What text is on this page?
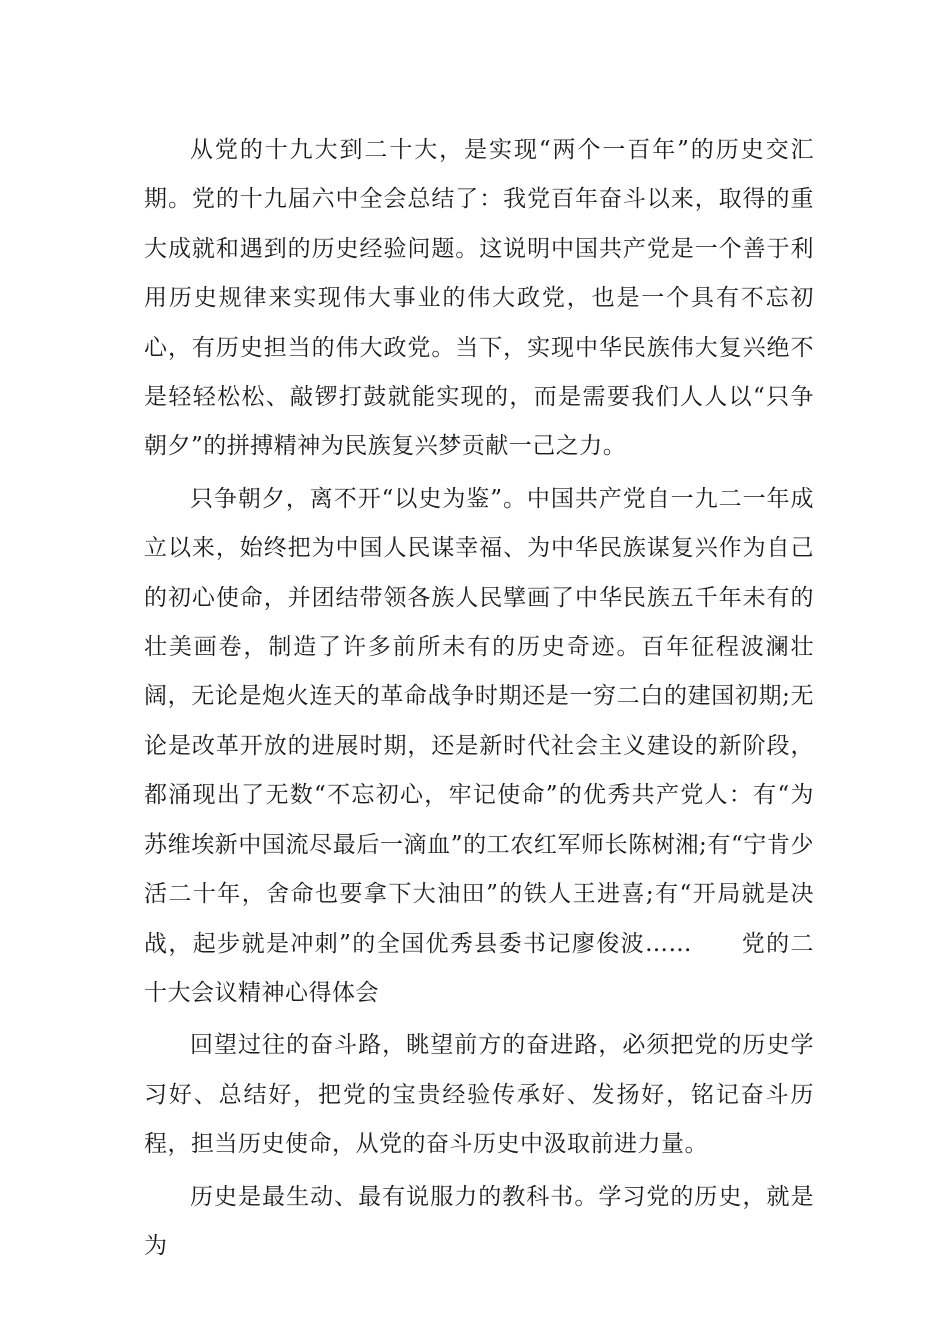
从党的十九大到二十大，是实现“两个一百年”的历史交汇期。党的十九届六中全会总结了：我党百年奋斗以来，取得的重大成就和遇到的历史经验问题。这说明中国共产党是一个善于利用历史规律来实现伟大事业的伟大政党，也是一个具有不忘初心，有历史担当的伟大政党。当下，实现中华民族伟大复兴绝不是轻轻松松、敲锣打鼓就能实现的，而是需要我们人人以“只争朝夕”的拼搏精神为民族复兴梦贡献一己之力。

只争朝夕，离不开“以史为鉴”。中国共产党自一九二一年成立以来，始终把为中国人民谋幸福、为中华民族谋复兴作为自己的初心使命，并团结带领各族人民擘画了中华民族五千年未有的壮美画卷，制造了许多前所未有的历史奇迹。百年征程波澜壮阔，无论是炮火连天的革命战争时期还是一穷二白的建国初期;无论是改革开放的进展时期，还是新时代社会主义建设的新阶段，都涌现出了无数“不忘初心，牢记使命”的优秀共产党人：有“为苏维埃新中国流尽最后一滴血”的工农红军师长陈树湘;有“宁肯少活二十年，舍命也要拿下大油田”的铁人王进喜;有“开局就是决战，起步就是冲刺”的全国优秀县委书记廖俊波……　　党的二十大会议精神心得体会

回望过往的奋斗路，眺望前方的奋进路，必须把党的历史学习好、总结好，把党的宝贵经验传承好、发扬好，铭记奋斗历程，担当历史使命，从党的奋斗历史中汲取前进力量。

历史是最生动、最有说服力的教科书。学习党的历史，就是为
